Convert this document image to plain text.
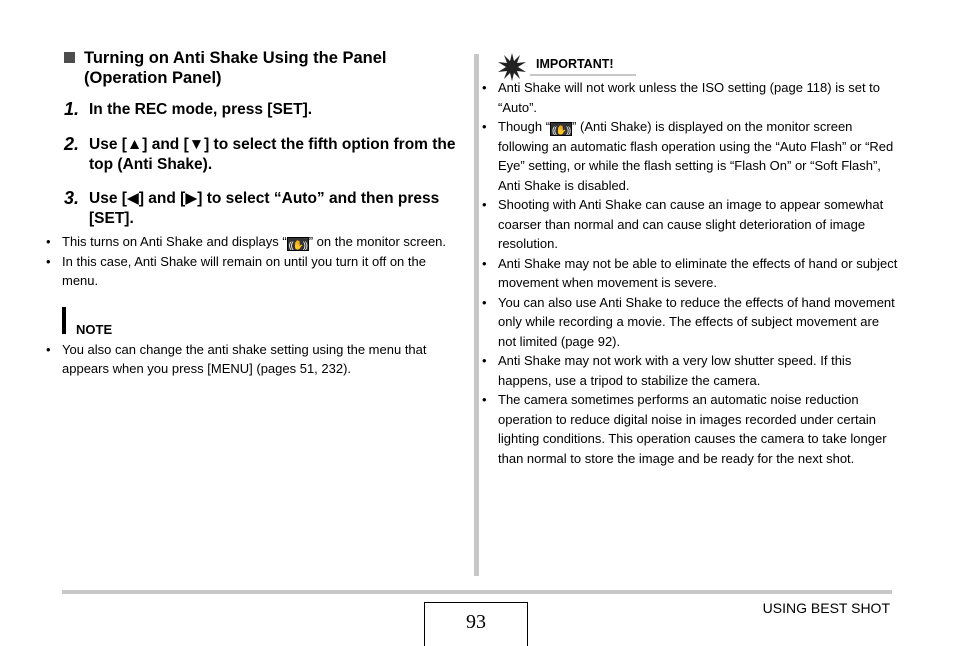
Turning on Anti Shake Using the Panel
(Operation Panel)
1. In the REC mode, press [SET].
2. Use [▲] and [▼] to select the fifth option from the top (Anti Shake).
3. Use [◀] and [▶] to select “Auto” and then press [SET].
• This turns on Anti Shake and displays “ ((✋)) ” on the monitor screen.
• In this case, Anti Shake will remain on until you turn it off on the menu.
NOTE
• You also can change the anti shake setting using the menu that appears when you press [MENU] (pages 51, 232).
IMPORTANT!
• Anti Shake will not work unless the ISO setting (page 118) is set to “Auto”.
• Though “ ((✋)) ” (Anti Shake) is displayed on the monitor screen following an automatic flash operation using the “Auto Flash” or “Red Eye” setting, or while the flash setting is “Flash On” or “Soft Flash”, Anti Shake is disabled.
• Shooting with Anti Shake can cause an image to appear somewhat coarser than normal and can cause slight deterioration of image resolution.
• Anti Shake may not be able to eliminate the effects of hand or subject movement when movement is severe.
• You can also use Anti Shake to reduce the effects of hand movement only while recording a movie. The effects of subject movement are not limited (page 92).
• Anti Shake may not work with a very low shutter speed. If this happens, use a tripod to stabilize the camera.
• The camera sometimes performs an automatic noise reduction operation to reduce digital noise in images recorded under certain lighting conditions. This operation causes the camera to take longer than normal to store the image and be ready for the next shot.
93
USING BEST SHOT
